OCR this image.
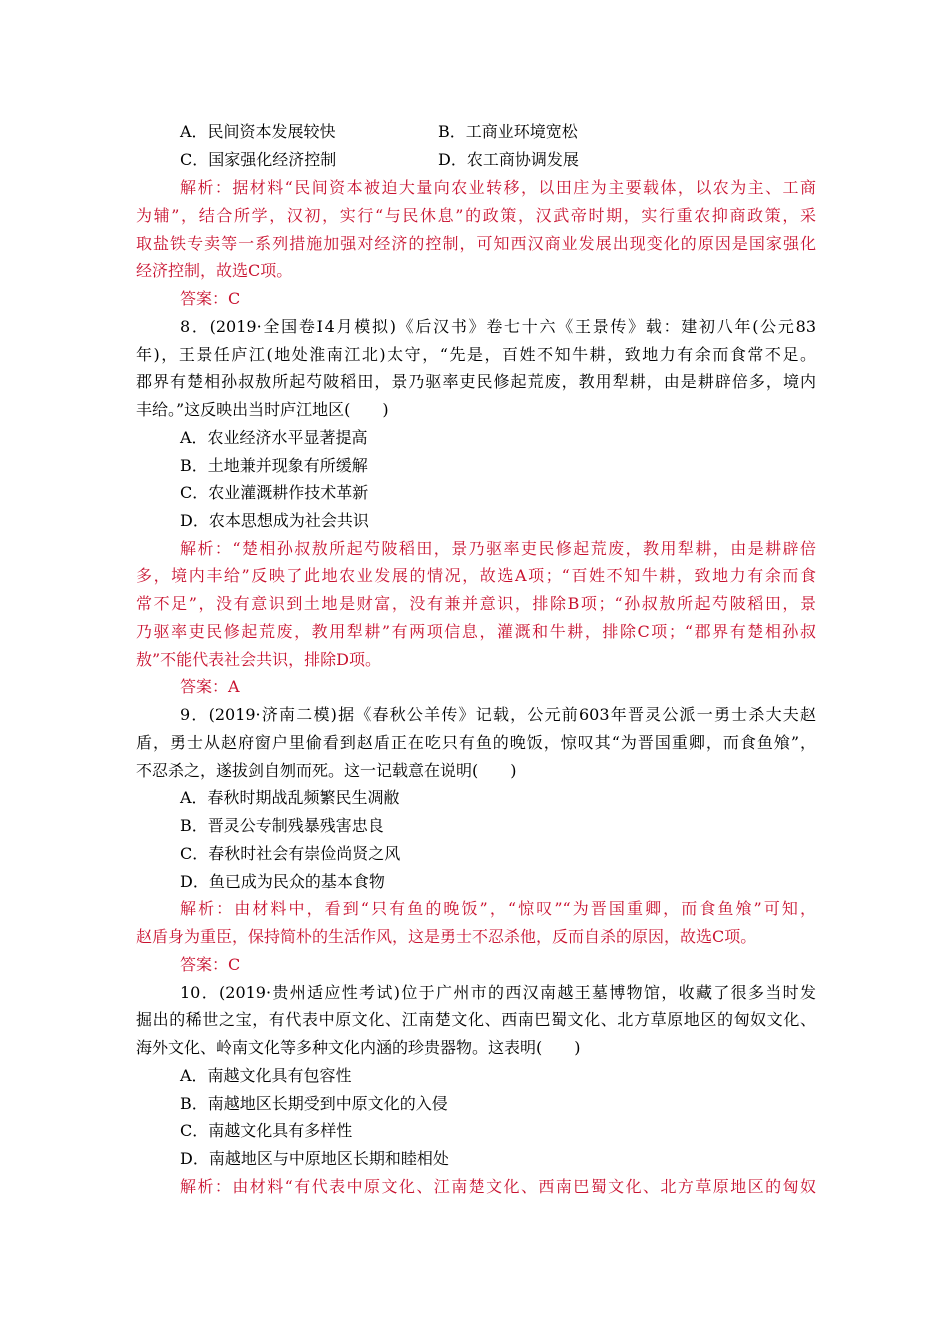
A．民间资本发展较快	B．工商业环境宽松
C．国家强化经济控制	D．农工商协调发展
解析：据材料“民间资本被迫大量向农业转移，以田庄为主要载体，以农为主、工商
为辅”，结合所学，汉初，实行“与民休息”的政策，汉武帝时期，实行重农抑商政策，采
取盐铁专卖等一系列措施加强对经济的控制，可知西汉商业发展出现变化的原因是国家强化
经济控制，故选C项。
答案：C
8．(2019·全国卷Ⅰ4月模拟)《后汉书》卷七十六《王景传》载：建初八年(公元83
年)，王景任庐江(地处淮南江北)太守，“先是，百姓不知牛耕，致地力有余而食常不足。
郡界有楚相孙叔敖所起芍陂稻田，景乃驱率吏民修起荒废，教用犁耕，由是耕辟倍多，境内
丰给。”这反映出当时庐江地区(　　)
A．农业经济水平显著提高
B．土地兼并现象有所缓解
C．农业灌溉耕作技术革新
D．农本思想成为社会共识
解析：“楚相孙叔敖所起芍陂稻田，景乃驱率吏民修起荒废，教用犁耕，由是耕辟倍
多，境内丰给”反映了此地农业发展的情况，故选A项；“百姓不知牛耕，致地力有余而食
常不足”，没有意识到土地是财富，没有兼并意识，排除B项；“孙叔敖所起芍陂稻田，景
乃驱率吏民修起荒废，教用犁耕”有两项信息，灌溉和牛耕，排除C项；“郡界有楚相孙叔
敖”不能代表社会共识，排除D项。
答案：A
9．(2019·济南二模)据《春秋公羊传》记载，公元前603年晋灵公派一勇士杀大夫赵
盾，勇士从赵府窗户里偷看到赵盾正在吃只有鱼的晚饭，惊叹其“为晋国重卿，而食鱼飧”，
不忍杀之，遂拔剑自刎而死。这一记载意在说明(　　)
A．春秋时期战乱频繁民生凋敝
B．晋灵公专制残暴残害忠良
C．春秋时社会有崇俭尚贤之风
D．鱼已成为民众的基本食物
解析：由材料中，看到“只有鱼的晚饭”，“惊叹”“为晋国重卿，而食鱼飧”可知，
赵盾身为重臣，保持简朴的生活作风，这是勇士不忍杀他，反而自杀的原因，故选C项。
答案：C
10．(2019·贵州适应性考试)位于广州市的西汉南越王墓博物馆，收藏了很多当时发
掘出的稀世之宝，有代表中原文化、江南楚文化、西南巴蜀文化、北方草原地区的匈奴文化、
海外文化、岭南文化等多种文化内涵的珍贵器物。这表明(　　)
A．南越文化具有包容性
B．南越地区长期受到中原文化的入侵
C．南越文化具有多样性
D．南越地区与中原地区长期和睦相处
解析：由材料“有代表中原文化、江南楚文化、西南巴蜀文化、北方草原地区的匈奴
